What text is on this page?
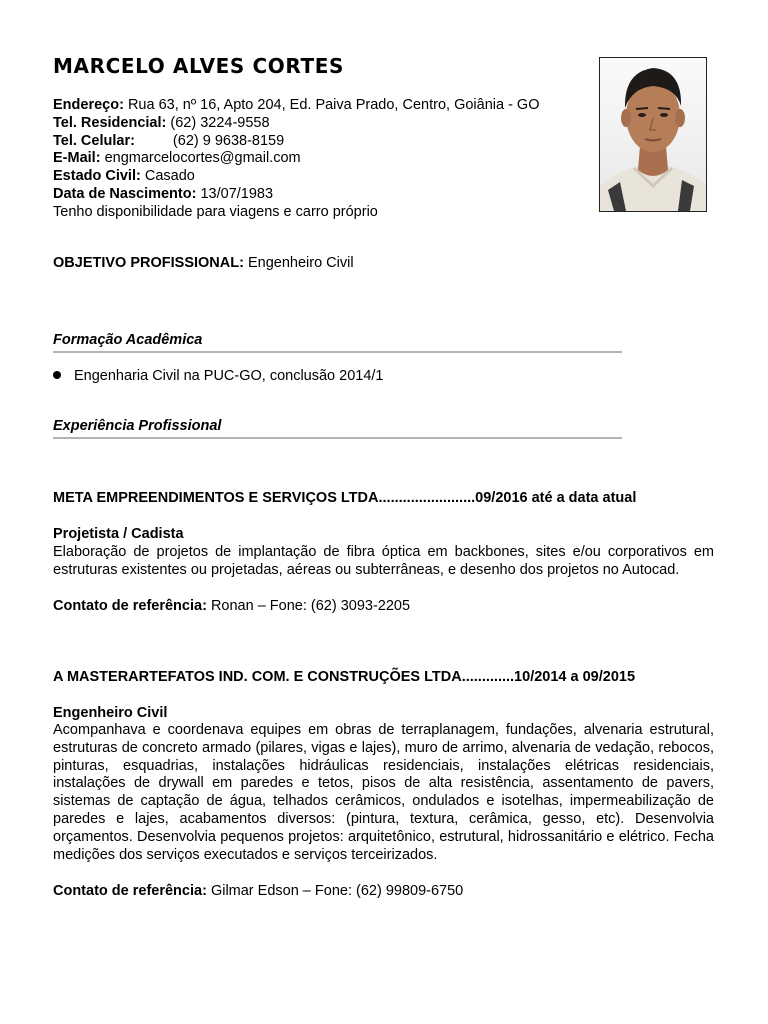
MARCELO ALVES CORTES
Endereço: Rua 63, nº 16, Apto 204, Ed. Paiva Prado, Centro, Goiânia - GO
Tel. Residencial: (62) 3224-9558
Tel. Celular:	(62) 9 9638-8159
E-Mail: engmarcelocortes@gmail.com
Estado Civil: Casado
Data de Nascimento: 13/07/1983
Tenho disponibilidade para viagens e carro próprio
OBJETIVO PROFISSIONAL: Engenheiro Civil
Formação Acadêmica
Engenharia Civil na PUC-GO, conclusão 2014/1
Experiência Profissional
META EMPREENDIMENTOS E SERVIÇOS LTDA........................09/2016 até a data atual
Projetista / Cadista
Elaboração de projetos de implantação de fibra óptica em backbones, sites e/ou corporativos em estruturas existentes ou projetadas, aéreas ou subterrâneas, e desenho dos projetos no Autocad.
Contato de referência: Ronan – Fone: (62) 3093-2205
A MASTERARTEFATOS IND. COM. E CONSTRUÇÕES LTDA.............10/2014 a 09/2015
Engenheiro Civil
Acompanhava e coordenava equipes em obras de terraplanagem, fundações, alvenaria estrutural, estruturas de concreto armado (pilares, vigas e lajes), muro de arrimo, alvenaria de vedação, rebocos, pinturas, esquadrias, instalações hidráulicas residenciais, instalações elétricas residenciais, instalações de drywall em paredes e tetos, pisos de alta resistência, assentamento de pavers, sistemas de captação de água, telhados cerâmicos, ondulados e isotelhas, impermeabilização de paredes e lajes, acabamentos diversos: (pintura, textura, cerâmica, gesso, etc). Desenvolvia orçamentos. Desenvolvia pequenos projetos: arquitetônico, estrutural, hidrossanitário e elétrico. Fecha medições dos serviços executados e serviços terceirizados.
Contato de referência: Gilmar Edson – Fone: (62) 99809-6750
